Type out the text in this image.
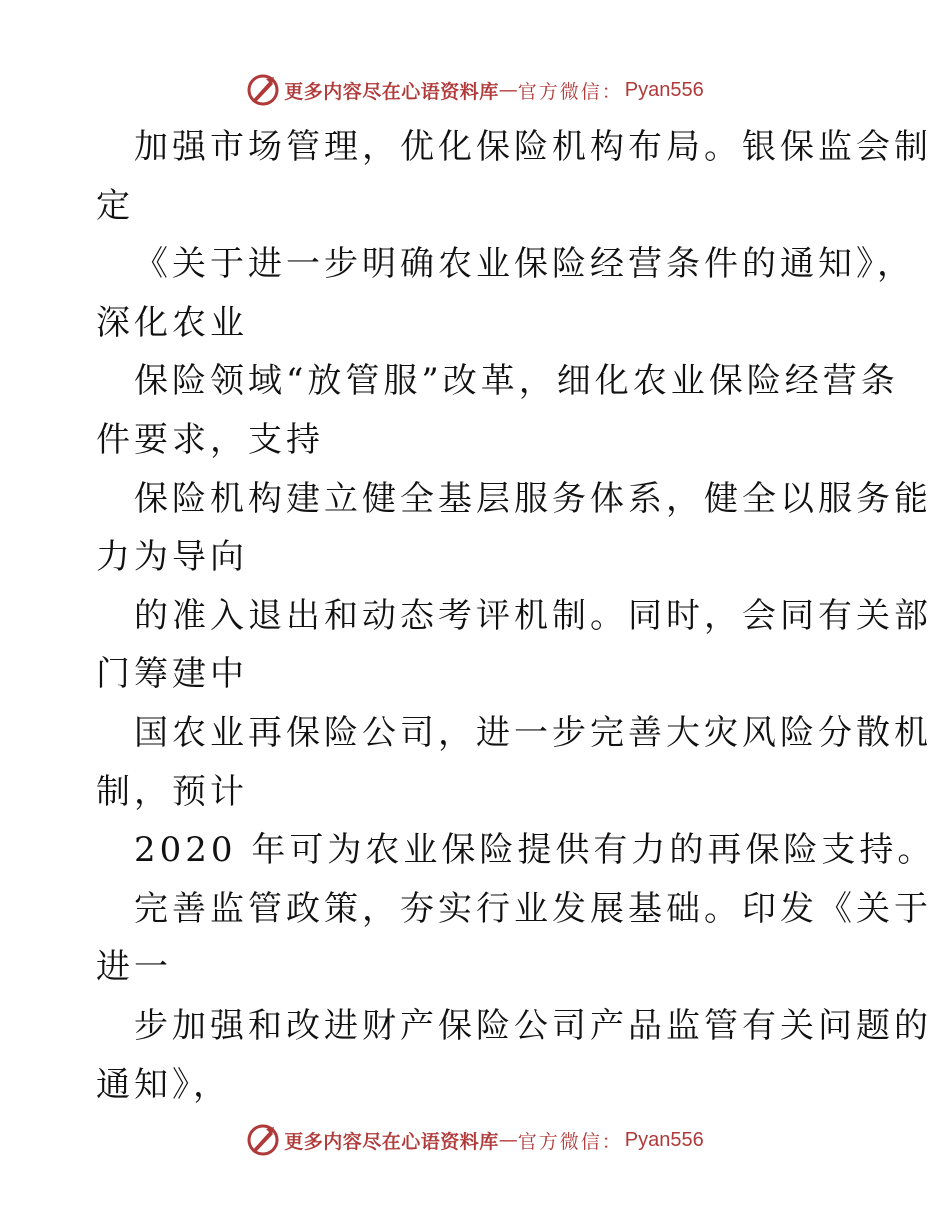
更多内容尽在心语资料库 — 官方微信： Pyan556
加强市场管理，优化保险机构布局。银保监会制
定
《关于进一步明确农业保险经营条件的通知》，
深化农业
保险领域“放管服”改革，细化农业保险经营条
件要求，支持
保险机构建立健全基层服务体系，健全以服务能
力为导向
的准入退出和动态考评机制。同时，会同有关部
门筹建中
国农业再保险公司，进一步完善大灾风险分散机
制，预计
2020 年可为农业保险提供有力的再保险支持。
完善监管政策，夯实行业发展基础。印发《关于
进一
步加强和改进财产保险公司产品监管有关问题的
通知》，
更多内容尽在心语资料库 — 官方微信： Pyan556
